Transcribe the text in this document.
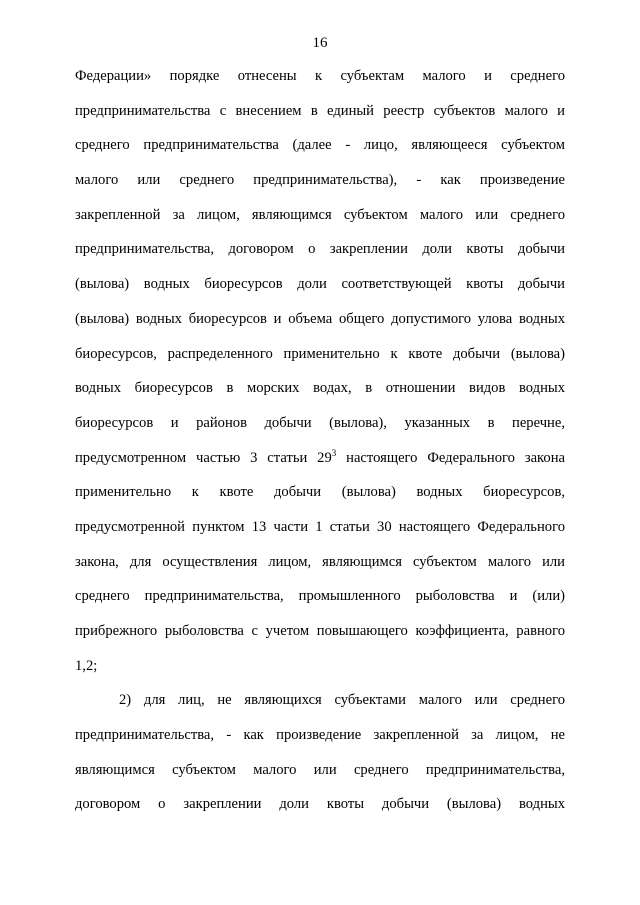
16
Федерации» порядке отнесены к субъектам малого и среднего
предпринимательства с внесением в единый реестр субъектов малого и
среднего предпринимательства (далее - лицо, являющееся субъектом
малого или среднего предпринимательства), - как произведение
закрепленной за лицом, являющимся субъектом малого или среднего
предпринимательства, договором о закреплении доли квоты добычи
(вылова) водных биоресурсов доли соответствующей квоты добычи
(вылова) водных биоресурсов и объема общего допустимого улова водных
биоресурсов, распределенного применительно к квоте добычи (вылова)
водных биоресурсов в морских водах, в отношении видов водных
биоресурсов и районов добычи (вылова), указанных в перечне,
предусмотренном частью 3 статьи $29^3$ настоящего Федерального закона
применительно к квоте добычи (вылова) водных биоресурсов,
предусмотренной пунктом 13 части 1 статьи 30 настоящего Федерального
закона, для осуществления лицом, являющимся субъектом малого или
среднего предпринимательства, промышленного рыболовства и (или)
прибрежного рыболовства с учетом повышающего коэффициента, равного
1,2;
2) для лиц, не являющихся субъектами малого или среднего
предпринимательства, - как произведение закрепленной за лицом, не
являющимся субъектом малого или среднего предпринимательства,
договором о закреплении доли квоты добычи (вылова) водных
